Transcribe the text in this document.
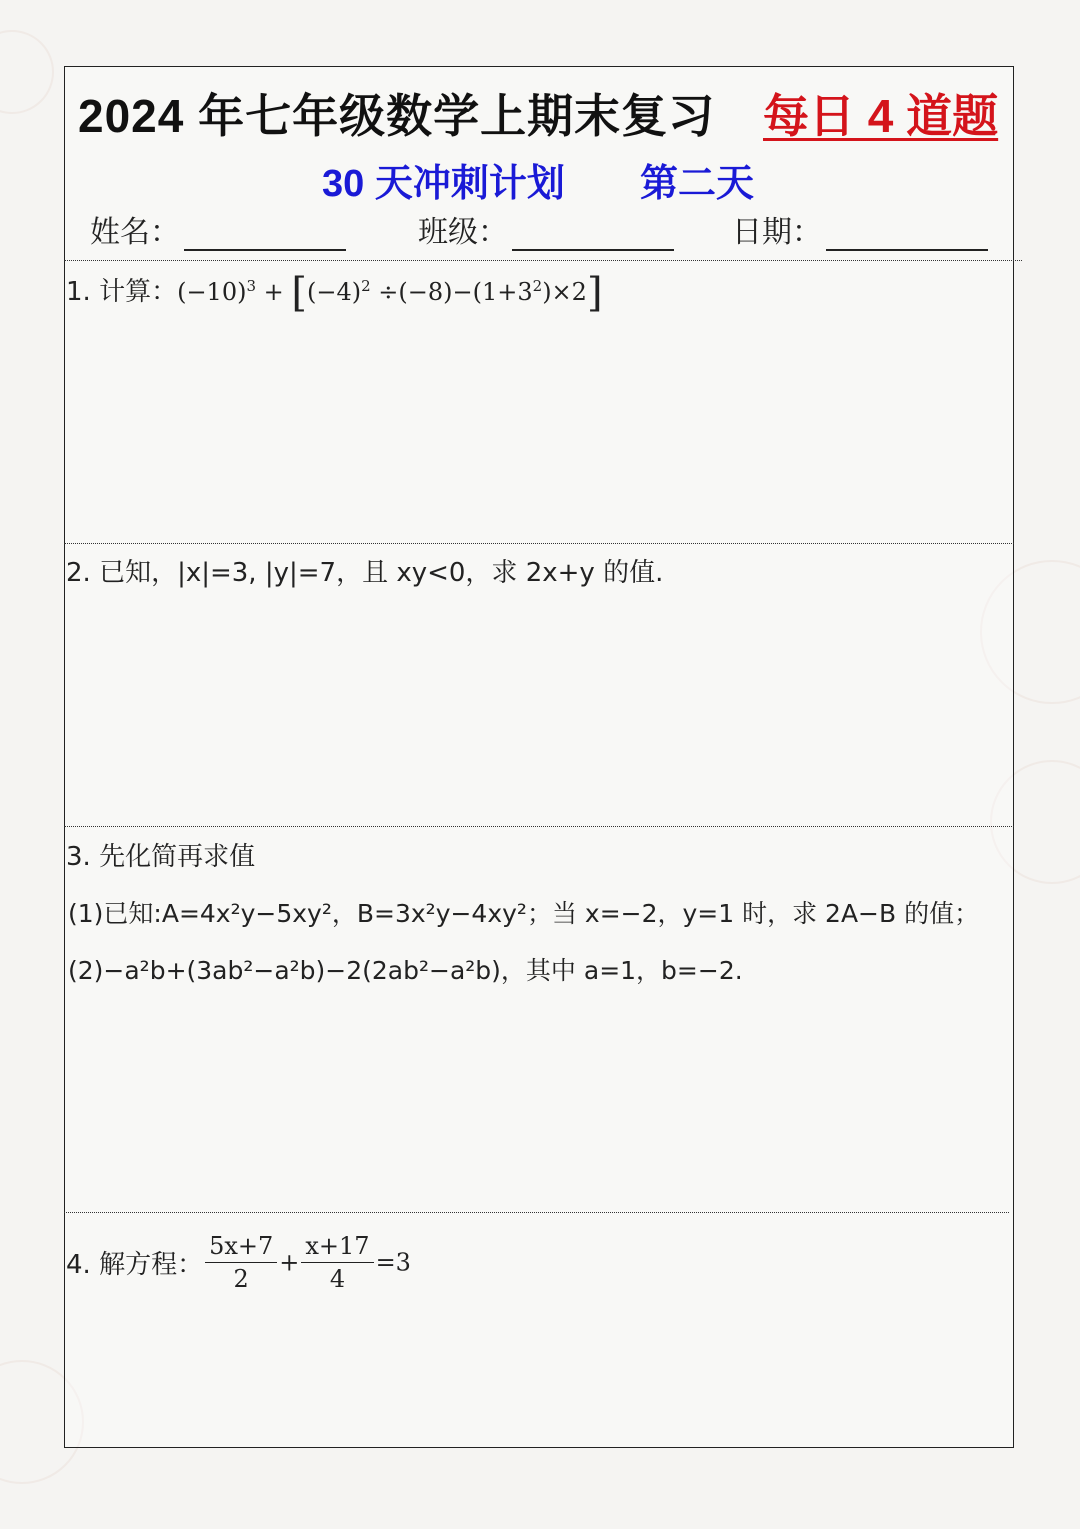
2024 年七年级数学上期末复习 每日 4 道题
30 天冲刺计划 第二天
姓名：	班级：	日期：
1. 计算：$(-10)^3 + [(-4)^2 \div(-8)-(1+3^2)\times 2]$
2. 已知，|x|=3, |y|=7，且 xy<0，求 2x+y 的值.
3. 先化简再求值
(1)已知:A=4x²y−5xy²，B=3x²y−4xy²；当 x=−2，y=1 时，求 2A−B 的值；
(2)−a²b+(3ab²−a²b)−2(2ab²−a²b)，其中 a=1，b=−2.
4. 解方程： $\frac{5x+7}{2} + \frac{x+17}{4} =3$
